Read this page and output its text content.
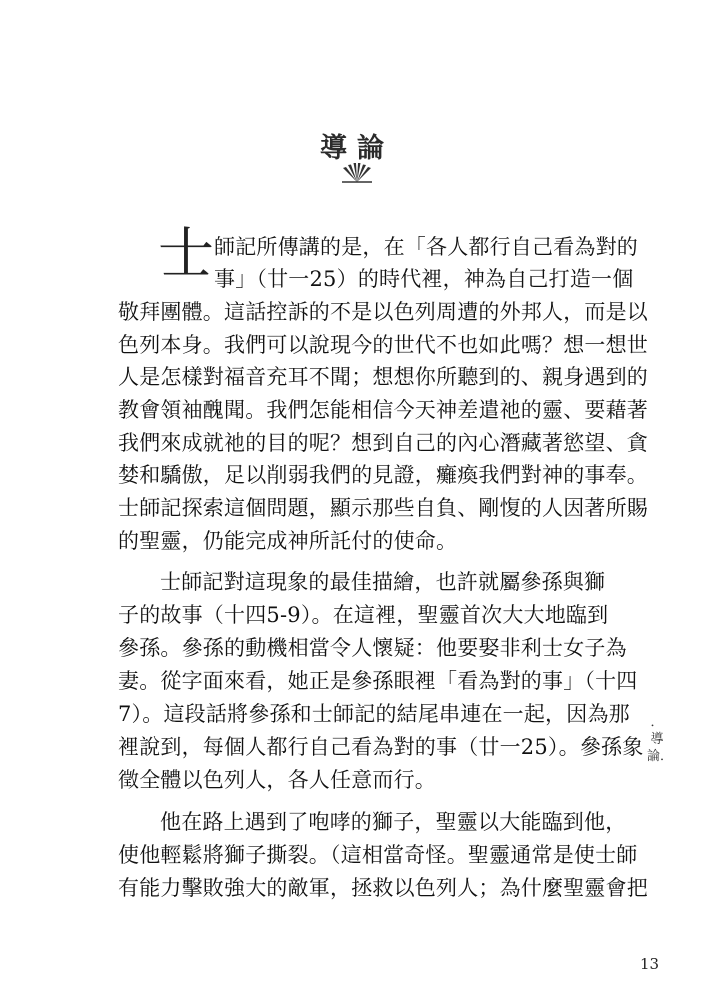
導論
士 師記所傳講的是，在「各人都行自己看為對的
事」（廿一25）的時代裡，神為自己打造一個
敬拜團體。這話控訴的不是以色列周遭的外邦人，而是以
色列本身。我們可以說現今的世代不也如此嗎？想一想世
人是怎樣對福音充耳不聞；想想你所聽到的、親身遇到的
教會領袖醜聞。我們怎能相信今天神差遣祂的靈、要藉著
我們來成就祂的目的呢？想到自己的內心潛藏著慾望、貪
婪和驕傲，足以削弱我們的見證，癱瘓我們對神的事奉。
士師記探索這個問題，顯示那些自負、剛愎的人因著所賜
的聖靈，仍能完成神所託付的使命。
士師記對這現象的最佳描繪，也許就屬參孫與獅
子的故事（十四5-9）。在這裡，聖靈首次大大地臨到
參孫。參孫的動機相當令人懷疑：他要娶非利士女子為
妻。從字面來看，她正是參孫眼裡「看為對的事」（十四
7）。這段話將參孫和士師記的結尾串連在一起，因為那
裡說到，每個人都行自己看為對的事（廿一25）。參孫象
徵全體以色列人，各人任意而行。
他在路上遇到了咆哮的獅子，聖靈以大能臨到他，
使他輕鬆將獅子撕裂。（這相當奇怪。聖靈通常是使士師
有能力擊敗強大的敵軍，拯救以色列人；為什麼聖靈會把
．導論．
13
